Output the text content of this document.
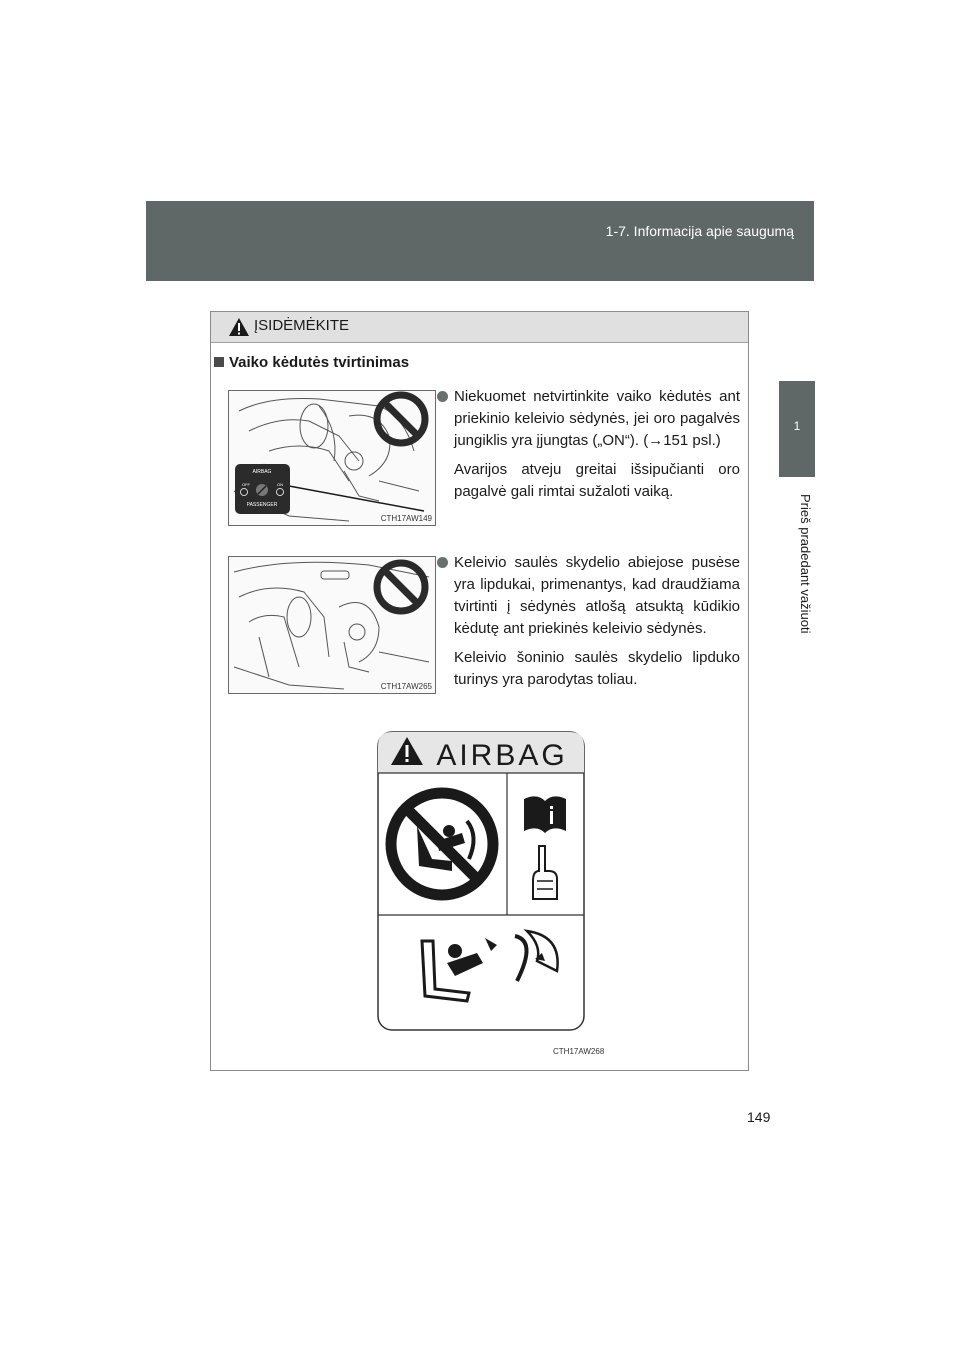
1-7. Informacija apie saugumą
1
Prieš pradedant važiuoti
ĮSIDĖMĖKITE
Vaiko kėdutės tvirtinimas
AIRBAG
OFF	ON
PASSENGER
CTH17AW149

Niekuomet netvirtinkite vaiko kėdutės ant priekinio keleivio sėdynės, jei oro pagalvės jungiklis yra įjungtas („ON“). (→151 psl.)

Avarijos atveju greitai išsipučianti oro pagalvė gali rimtai sužaloti vaiką.

CTH17AW265

Keleivio saulės skydelio abiejose pusėse yra lipdukai, primenantys, kad draudžiama tvirtinti į sėdynės atlošą atsuktą kūdikio kėdutę ant priekinės keleivio sėdynės.

Keleivio šoninio saulės skydelio lipduko turinys yra parodytas toliau.

AIRBAG
CTH17AW268
149
